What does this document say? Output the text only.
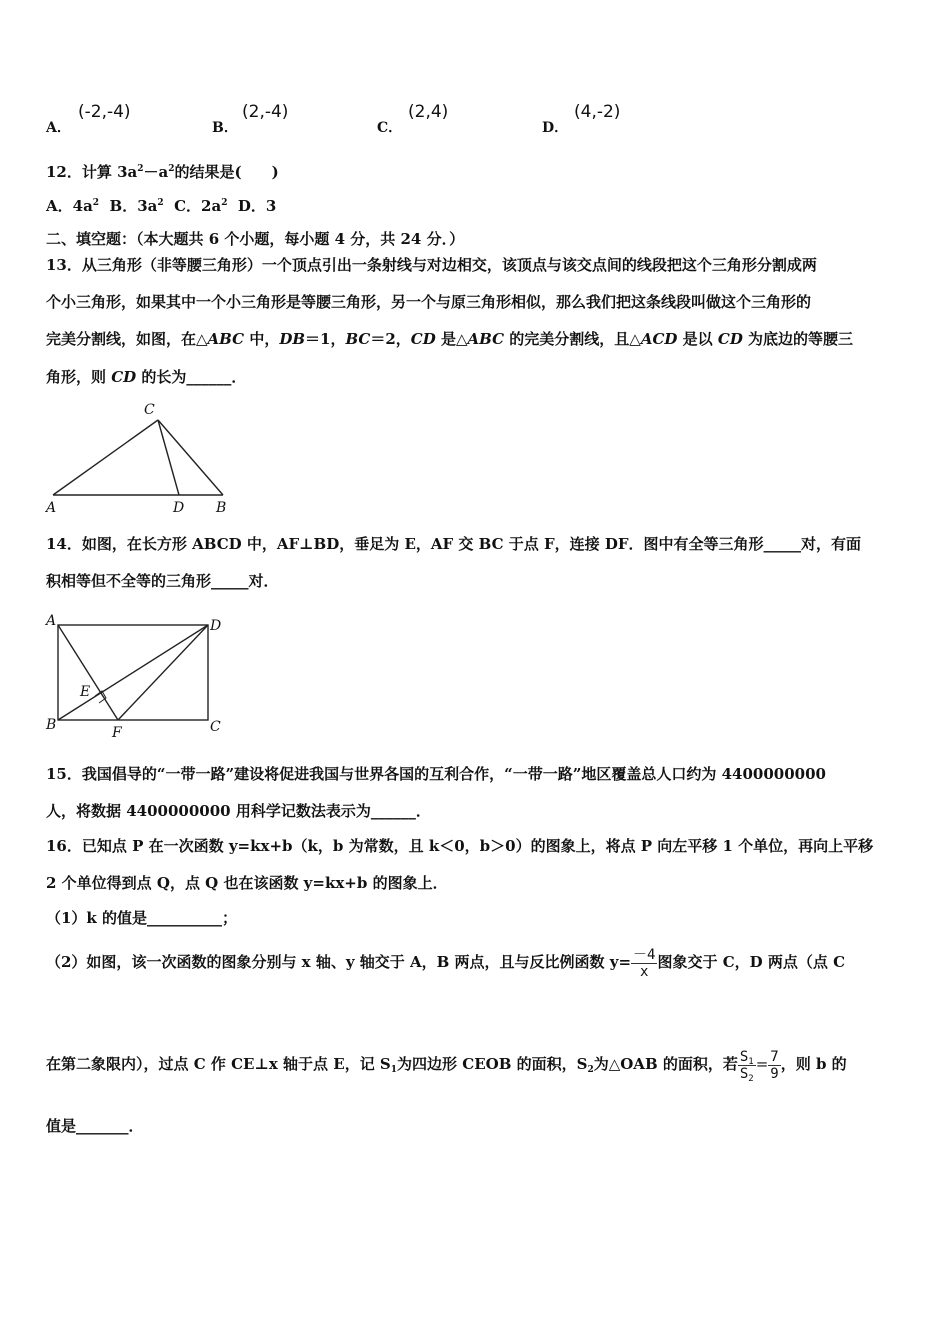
A．
(-2,-4)
B．
(2,-4)
C．
(2,4)
D．
(4,-2)
12．计算 $3a^2-a^2$的结果是(　　)
A．$4a^2$ B．$3a^2$ C．$2a^2$ D．3
二、填空题：（本大题共 6 个小题，每小题 4 分，共 24 分．）
13．从三角形（非等腰三角形）一个顶点引出一条射线与对边相交，该顶点与该交点间的线段把这个三角形分割成两
个小三角形，如果其中一个小三角形是等腰三角形，另一个与原三角形相似，那么我们把这条线段叫做这个三角形的
完美分割线，如图，在△ABC 中，DB＝1，BC＝2，CD 是△ABC 的完美分割线，且△ACD 是以 CD 为底边的等腰三
角形，则 CD 的长为______．
C
A	D B
14．如图，在长方形 ABCD 中，AF⊥BD，垂足为 E，AF 交 BC 于点 F，连接 DF．图中有全等三角形_____对，有面
积相等但不全等的三角形_____对．
A	D
E
B	F	C
15．我国倡导的“一带一路”建设将促进我国与世界各国的互利合作，“一带一路”地区覆盖总人口约为 4400000000
人，将数据 4400000000 用科学记数法表示为______．
16．已知点 P 在一次函数 y=kx+b（k，b 为常数，且 k＜0，b＞0）的图象上，将点 P 向左平移 1 个单位，再向上平移
2 个单位得到点 Q，点 Q 也在该函数 y=kx+b 的图象上．
（1）k 的值是__________；
（2）如图，该一次函数的图象分别与 x 轴、y 轴交于 A，B 两点，且与反比例函数 $y= \frac{-4}{x}$ 图象交于 C，D 两点（点 C
在第二象限内），过点 C 作 CE⊥x 轴于点 E，记 $S_1$为四边形 CEOB 的面积，$S_2$为△OAB 的面积，若 $\frac{S_1}{S_2} = \frac{7}{9}$ ，则 b 的
值是_______．
